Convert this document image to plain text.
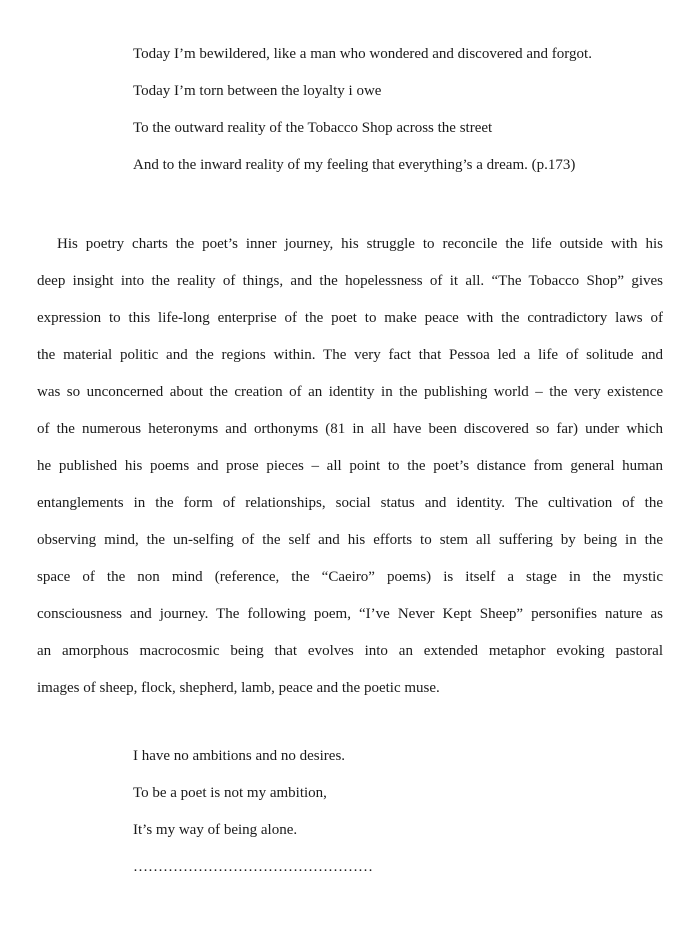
Today I’m bewildered, like a man who wondered and discovered and forgot.
Today I’m torn between the loyalty i owe
To the outward reality of the Tobacco Shop across the street
And to the inward reality of my feeling that everything’s a dream. (p.173)
His poetry charts the poet’s inner journey, his struggle to reconcile the life outside with his
deep insight into the reality of things, and the hopelessness of it all. “The Tobacco Shop” gives
expression to this life-long enterprise of the poet to make peace with the contradictory laws of
the material politic and the regions within. The very fact that Pessoa led a life of solitude and
was so unconcerned about the creation of an identity in the publishing world – the very existence
of the numerous heteronyms and orthonyms (81 in all have been discovered so far) under which
he published his poems and prose pieces – all point to the poet’s distance from general human
entanglements in the form of relationships, social status and identity. The cultivation of the
observing mind, the un-selfing of the self and his efforts to stem all suffering by being in the
space of the non mind (reference, the “Caeiro” poems) is itself a stage in the mystic
consciousness and journey. The following poem, “I’ve Never Kept Sheep” personifies nature as
an amorphous macrocosmic being that evolves into an extended metaphor evoking pastoral
images of sheep, flock, shepherd, lamb, peace and the poetic muse.
I have no ambitions and no desires.
To be a poet is not my ambition,
It’s my way of being alone.
…………………………………………
